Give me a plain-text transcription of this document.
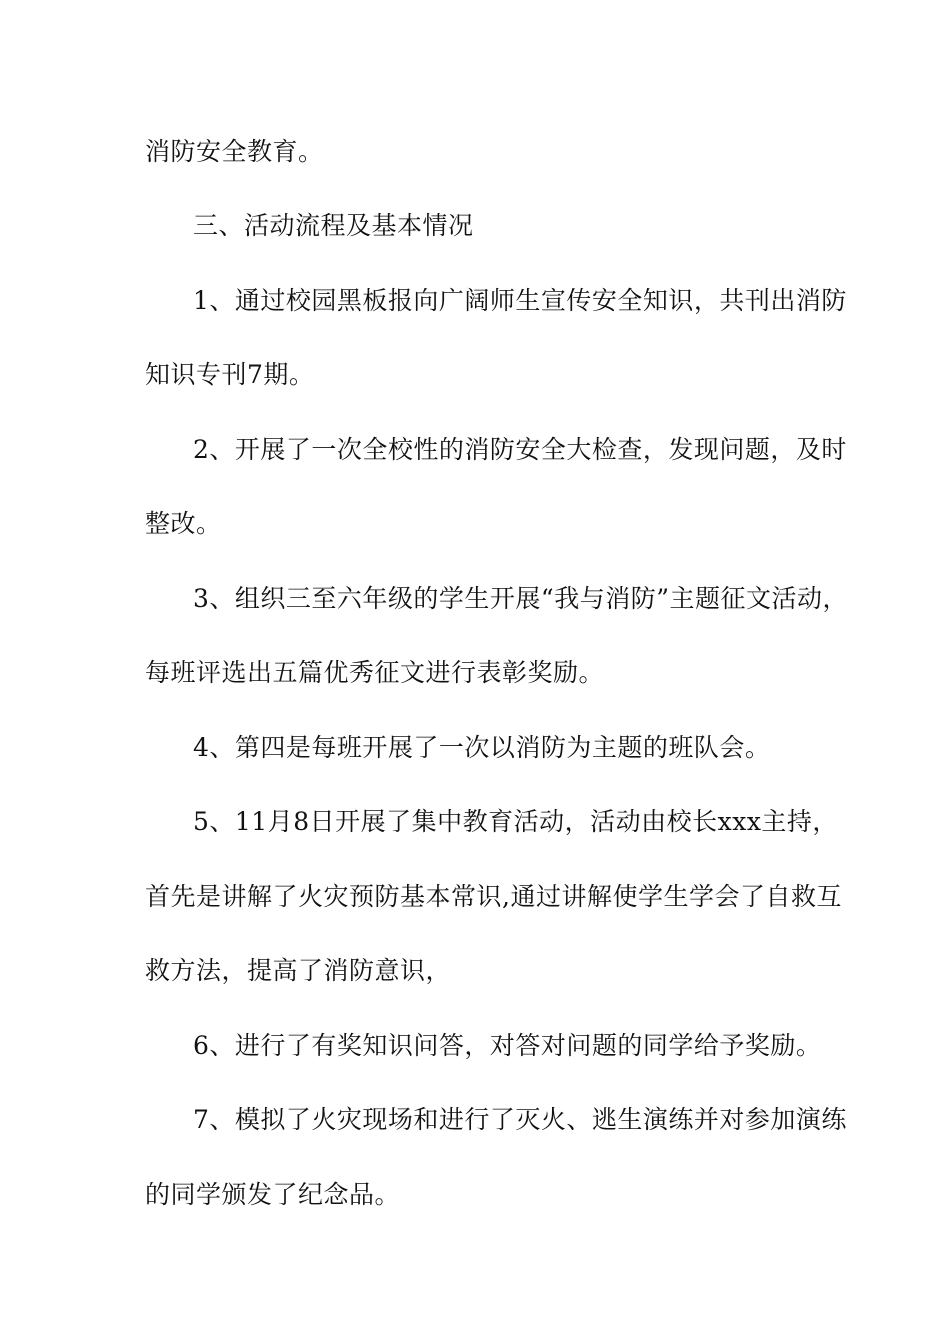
消防安全教育。
三、活动流程及基本情况
1、通过校园黑板报向广阔师生宣传安全知识，共刊出消防
知识专刊7期。
2、开展了一次全校性的消防安全大检查，发现问题，及时
整改。
3、组织三至六年级的学生开展“我与消防”主题征文活动，
每班评选出五篇优秀征文进行表彰奖励。
4、第四是每班开展了一次以消防为主题的班队会。
5、11月8日开展了集中教育活动，活动由校长xxx主持，
首先是讲解了火灾预防基本常识,通过讲解使学生学会了自救互
救方法，提高了消防意识，
6、进行了有奖知识问答，对答对问题的同学给予奖励。
7、模拟了火灾现场和进行了灭火、逃生演练并对参加演练
的同学颁发了纪念品。
